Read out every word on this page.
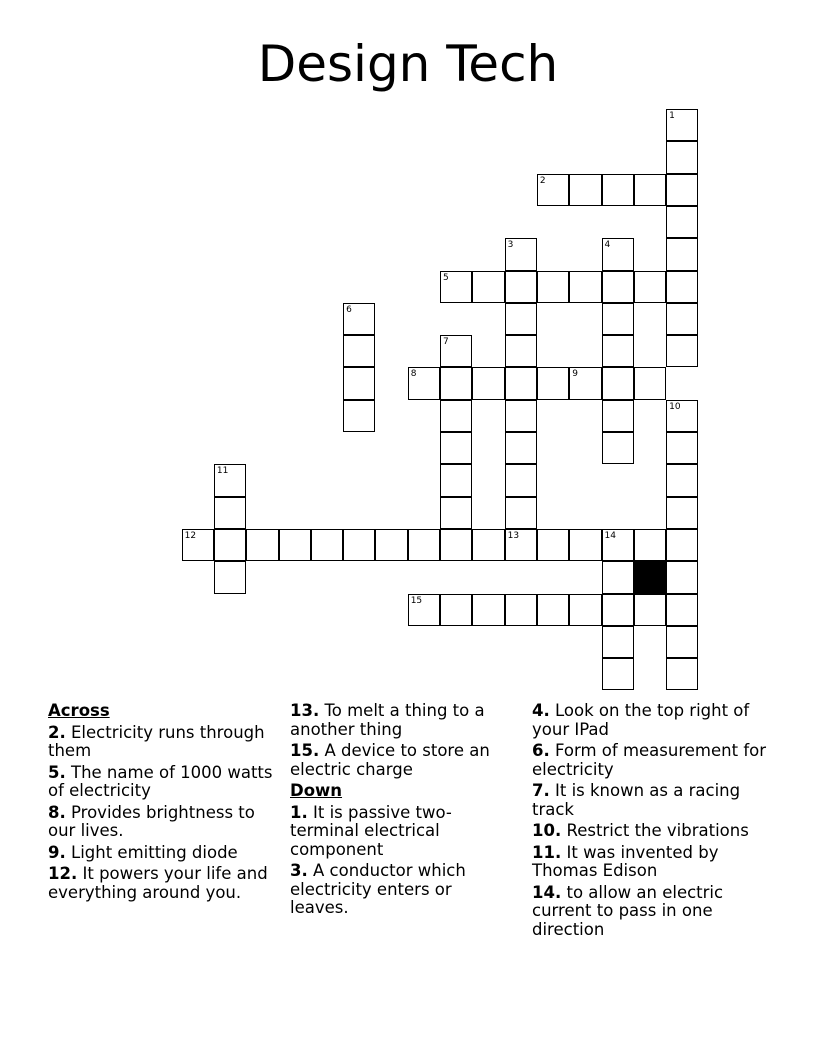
Design Tech
1
2
3	4
5
6
7
8	9
10
11
12	13	14
15
Across
2. Electricity runs through them
5. The name of 1000 watts of electricity
8. Provides brightness to our lives.
9. Light emitting diode
12. It powers your life and everything around you.
13. To melt a thing to a another thing
15. A device to store an electric charge
Down
1. It is passive two-terminal electrical component
3. A conductor which electricity enters or leaves.
4. Look on the top right of your IPad
6. Form of measurement for electricity
7. It is known as a racing track
10. Restrict the vibrations
11. It was invented by Thomas Edison
14. to allow an electric current to pass in one direction
